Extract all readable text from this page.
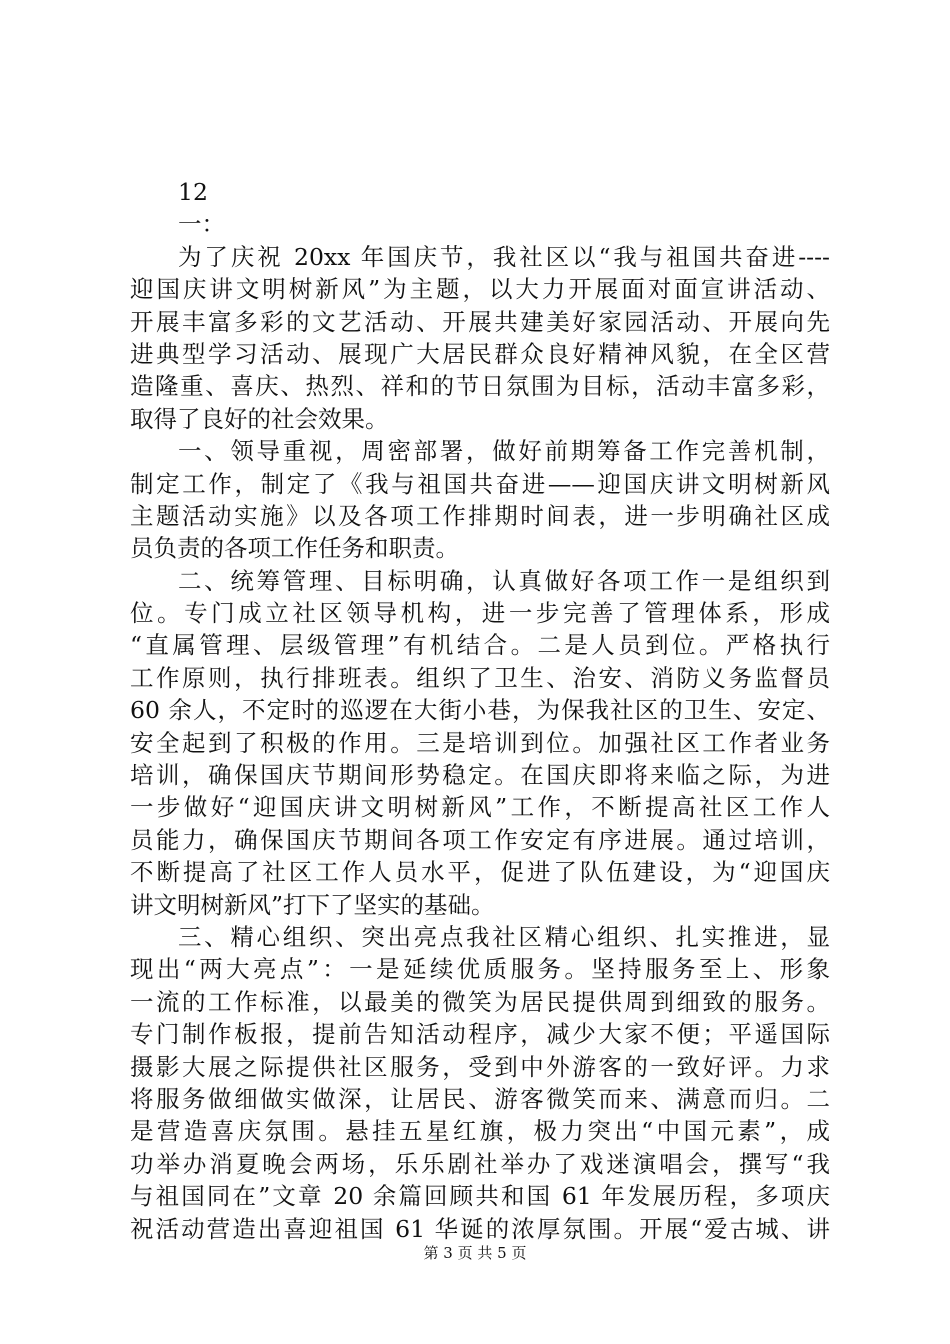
12
一：
为了庆祝 20xx 年国庆节，我社区以“我与祖国共奋进----
迎国庆讲文明树新风”为主题，以大力开展面对面宣讲活动、
开展丰富多彩的文艺活动、开展共建美好家园活动、开展向先
进典型学习活动、展现广大居民群众良好精神风貌，在全区营
造隆重、喜庆、热烈、祥和的节日氛围为目标，活动丰富多彩，
取得了良好的社会效果。
一、领导重视，周密部署，做好前期筹备工作完善机制，
制定工作，制定了《我与祖国共奋进——迎国庆讲文明树新风
主题活动实施》以及各项工作排期时间表，进一步明确社区成
员负责的各项工作任务和职责。
二、统筹管理、目标明确，认真做好各项工作一是组织到
位。专门成立社区领导机构，进一步完善了管理体系，形成
“直属管理、层级管理”有机结合。二是人员到位。严格执行
工作原则，执行排班表。组织了卫生、治安、消防义务监督员
60 余人，不定时的巡逻在大街小巷，为保我社区的卫生、安定、
安全起到了积极的作用。三是培训到位。加强社区工作者业务
培训，确保国庆节期间形势稳定。在国庆即将来临之际，为进
一步做好“迎国庆讲文明树新风”工作，不断提高社区工作人
员能力，确保国庆节期间各项工作安定有序进展。通过培训，
不断提高了社区工作人员水平，促进了队伍建设，为“迎国庆
讲文明树新风”打下了坚实的基础。
三、精心组织、突出亮点我社区精心组织、扎实推进，显
现出“两大亮点”：一是延续优质服务。坚持服务至上、形象
一流的工作标准，以最美的微笑为居民提供周到细致的服务。
专门制作板报，提前告知活动程序，减少大家不便；平遥国际
摄影大展之际提供社区服务，受到中外游客的一致好评。力求
将服务做细做实做深，让居民、游客微笑而来、满意而归。二
是营造喜庆氛围。悬挂五星红旗，极力突出“中国元素”，成
功举办消夏晚会两场，乐乐剧社举办了戏迷演唱会，撰写“我
与祖国同在”文章 20 余篇回顾共和国 61 年发展历程，多项庆
祝活动营造出喜迎祖国 61 华诞的浓厚氛围。开展“爱古城、讲
第 3 页 共 5 页
